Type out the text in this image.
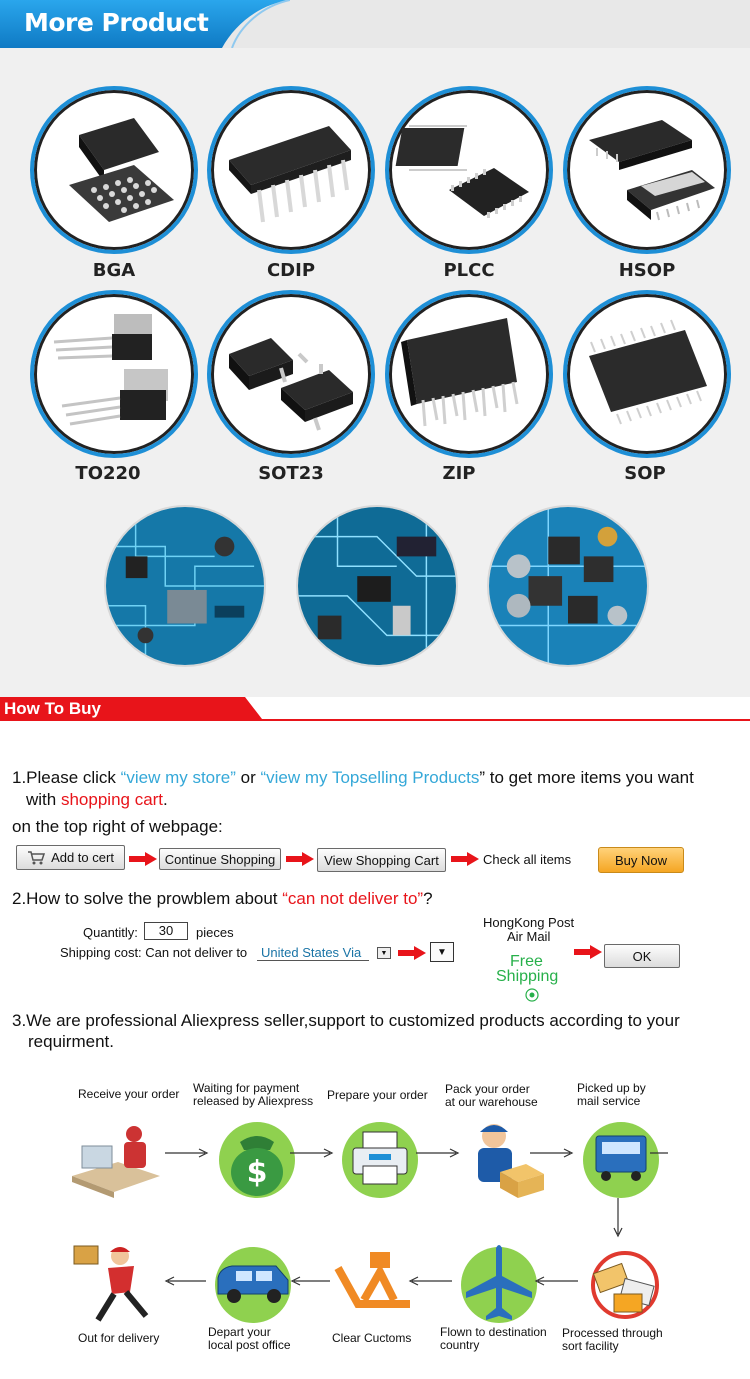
More Product
BGA	CDIP	PLCC	HSOP
TO220	SOT23	ZIP	SOP
How To Buy
1.Please click “view my store” or “view my Topselling Products” to get more items you want
with shopping cart.
on the top right of webpage:
Add to cert	Continue Shopping	View Shopping Cart	Check all items	Buy Now
2.How to solve the prowblem about “can not deliver to”?
Quantitly:	30	pieces
Shipping cost: Can not deliver to	United States Via	▼	▼
HongKong Post
Air Mail
Free
Shipping
OK
3.We are professional Aliexpress seller,support to customized products according to your
requirment.
Receive your order Waiting for payment
released by Aliexpress Prepare your order Pack your order
at our warehouse
Picked up by
mail service
$
Out for delivery	Depart your
local post office	Clear Cuctoms Flown to destination
country
Processed through
sort facility
